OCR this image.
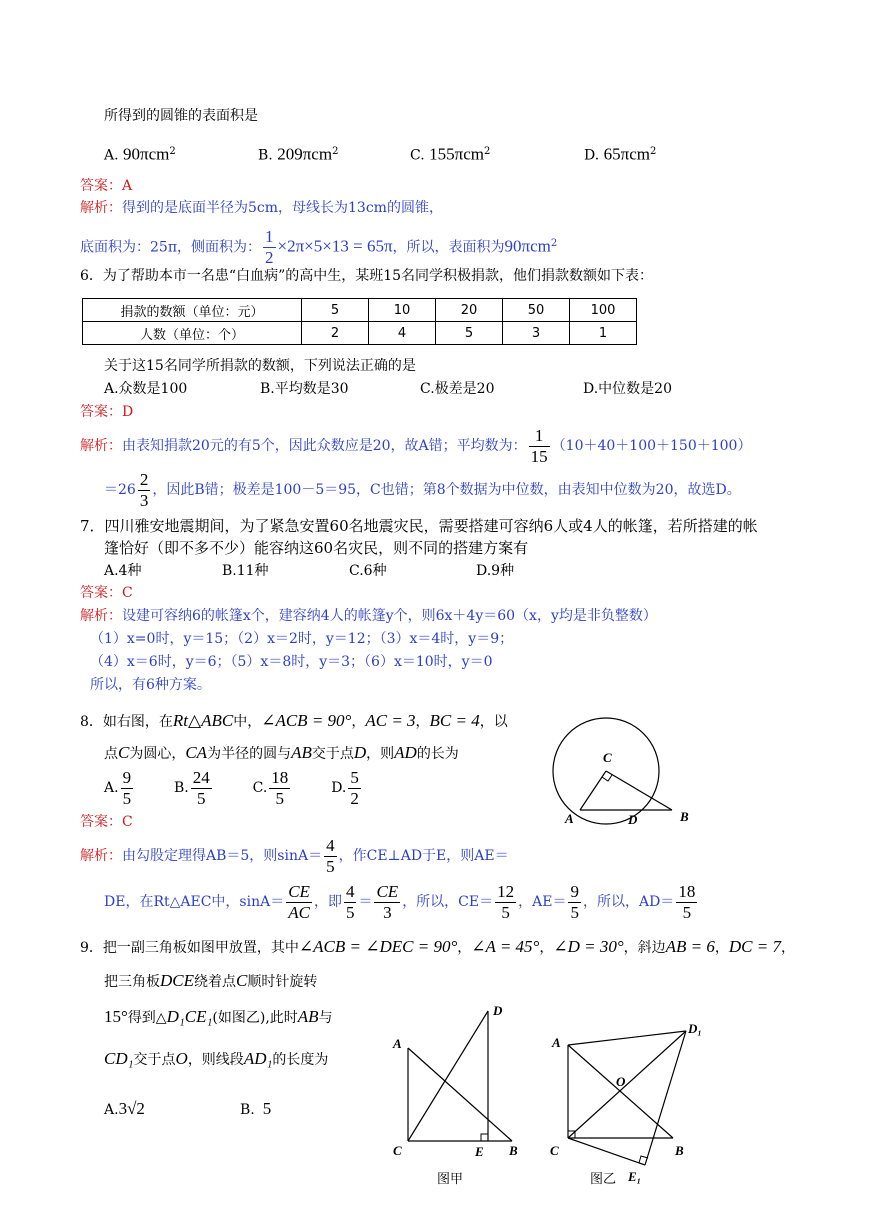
所得到的圆锥的表面积是
A. 90πcm$^2$	B. 209πcm$^2$	C. 155πcm$^2$	D. 65πcm$^2$
答案：A
解析：得到的是底面半径为5cm，母线长为13cm的圆锥，
底面积为：25π，侧面积为： $\frac{1}{2} \times 2\pi\times 5\times 13 = 65\pi$，所以，表面积为90πcm$^2$
6．为了帮助本市一名患“白血病”的高中生，某班15名同学积极捐款，他们捐款数额如下表：
捐款的数额（单位：元）	5	10	20	50	100
人数（单位：个）	2	4	5	3	1
关于这15名同学所捐款的数额，下列说法正确的是
A.众数是100	B.平均数是30	C.极差是20	D.中位数是20
答案：D
解析：由表知捐款20元的有5个，因此众数应是20，故A错；平均数为： $\frac{1}{15} (10+40+100+150+100)$
$=26 \frac{2}{3}$ ，因此B错；极差是100－5＝95，C也错；第8个数据为中位数，由表知中位数为20，故选D。
7．四川雅安地震期间，为了紧急安置60名地震灾民，需要搭建可容纳6人或4人的帐篷，若所搭建的帐
篷恰好（即不多不少）能容纳这60名灾民，则不同的搭建方案有
A.4种	B.11种	C.6种	D.9种
答案：C
解析：设建可容纳6的帐篷x个，建容纳4人的帐篷y个，则6x＋4y＝60（x，y均是非负整数）
（1）x=0时，y＝15；（2）x＝2时，y＝12；（3）x＝4时，y＝9；
（4）x＝6时，y＝6；（5）x＝8时，y＝3；（6）x＝10时，y＝0
所以，有6种方案。
8．如右图，在Rt△ABC中，∠ACB = 90°，AC = 3，BC = 4，以
点C为圆心，CA为半径的圆与AB交于点D，则AD的长为
A. $\frac{9}{5}$	B. $\frac{24}{5}$	C. $\frac{18}{5}$	D. $\frac{5}{2}$
答案：C
解析：由勾股定理得AB＝5，则$\sin A= \frac{4}{5}$ ，作CE⊥AD于E，则AE＝
DE，在Rt△AEC中，$\sin A= \frac{CE}{AC}$ ，即 $\frac{4}{5} = \frac{CE}{3}$ ，所以，$CE= \frac{12}{5}$ ，$AE= \frac{9}{5}$ ，所以，$AD= \frac{18}{5}$
C
A	D	B
9．把一副三角板如图甲放置，其中∠ACB = ∠DEC = 90°，∠A = 45°，∠D = 30°，斜边AB = 6，DC = 7，
把三角板DCE绕着点C顺时针旋转
15°得到△D₁CE₁(如图乙),此时AB与
CD₁交于点O，则线段AD₁的长度为
A.3√2	B. 5
A
D
C	E B
图甲
A
D₁
O
C	B
E₁
图乙
